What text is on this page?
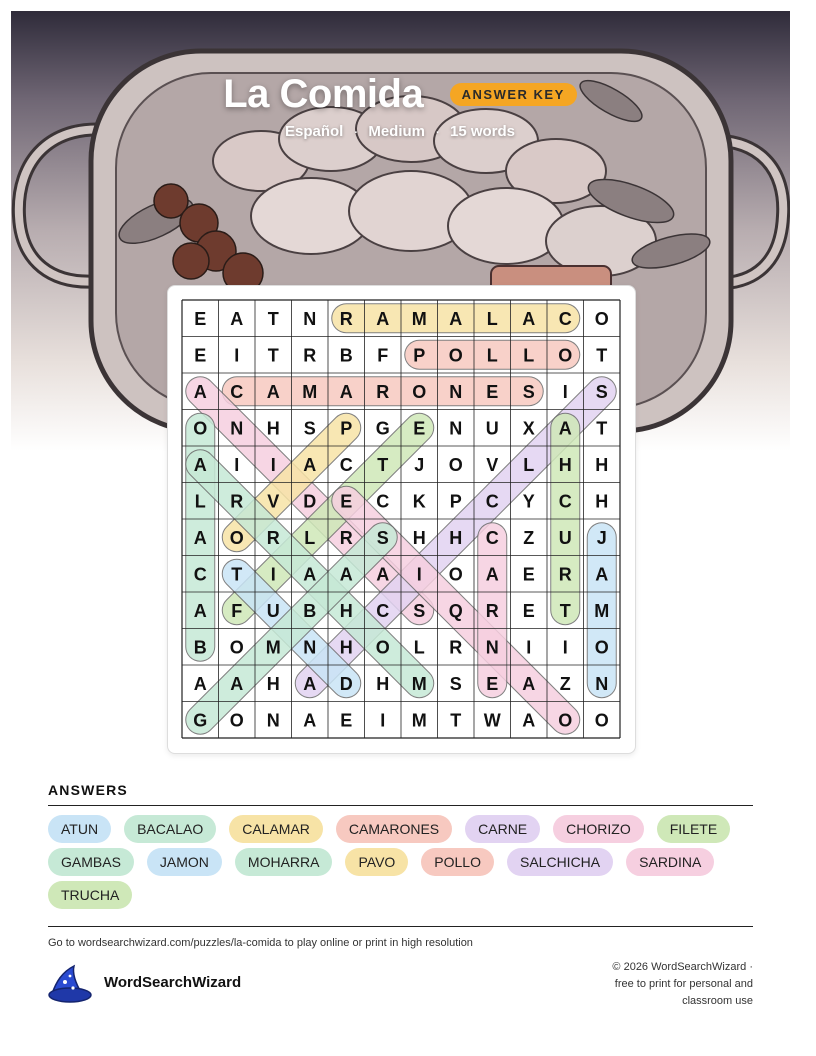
La Comida	ANSWER KEY
Español · Medium · 15 words
E A T N R A M A L A C O
E I T R B F P O L L O T
A C A M A R O N E S I S
O N H S P G E N U X A T
A I I A C T J O V L H H
L R V D E C K P C Y C H
A O R L R S H H C Z U J
C T I A A A I O A E R A
A F U B H C S Q R E T M
B O M N H O L R N I I O
A A H A D H M S E A Z N
G O N A E I M T W A O O
ANSWERS
ATUN	BACALAO	CALAMAR	CAMARONES	CARNE	CHORIZO	FILETE
GAMBAS	JAMON	MOHARRA	PAVO	POLLO	SALCHICHA	SARDINA
TRUCHA
Go to wordsearchwizard.com/puzzles/la-comida to play online or print in high resolution
WordSearchWizard
© 2026 WordSearchWizard ·
free to print for personal and
classroom use
